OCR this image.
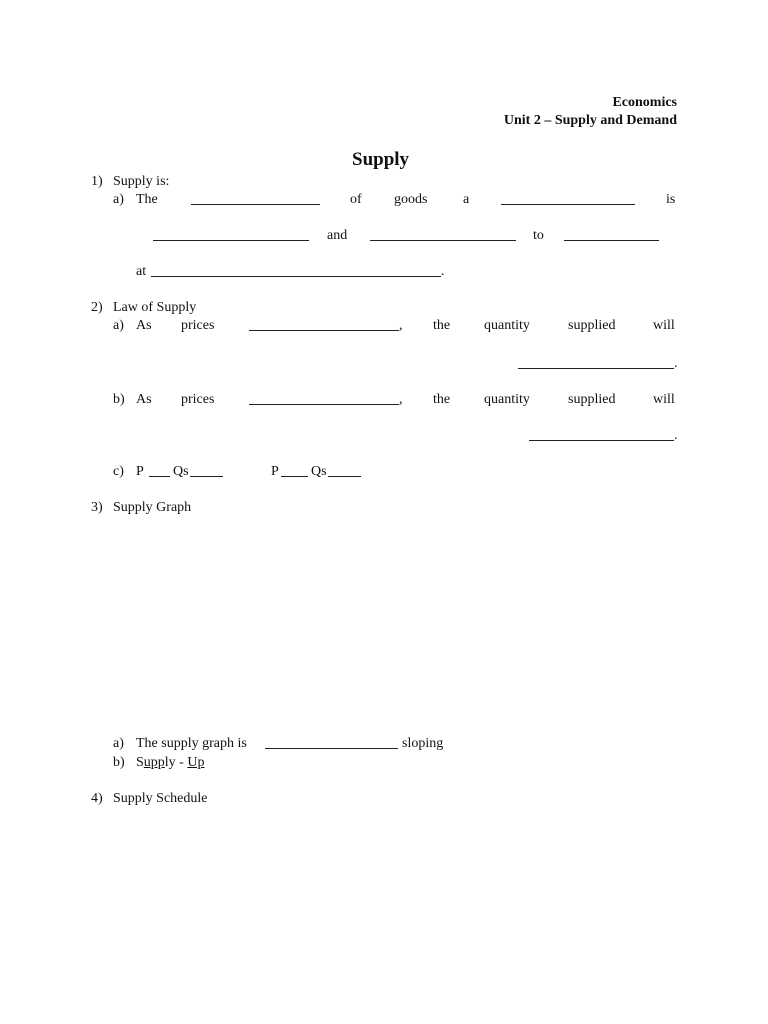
Economics
Unit 2 – Supply and Demand
Supply
1) Supply is:
a) The	of goods	a	is
and	to
at	.
2) Law of Supply
a) As prices	, the quantity	supplied	will
.
b) As prices	, the quantity	supplied	will
.
c) P Qs	P Qs
3) Supply Graph
a) The supply graph is	sloping
b) Supply - Up
4) Supply Schedule
